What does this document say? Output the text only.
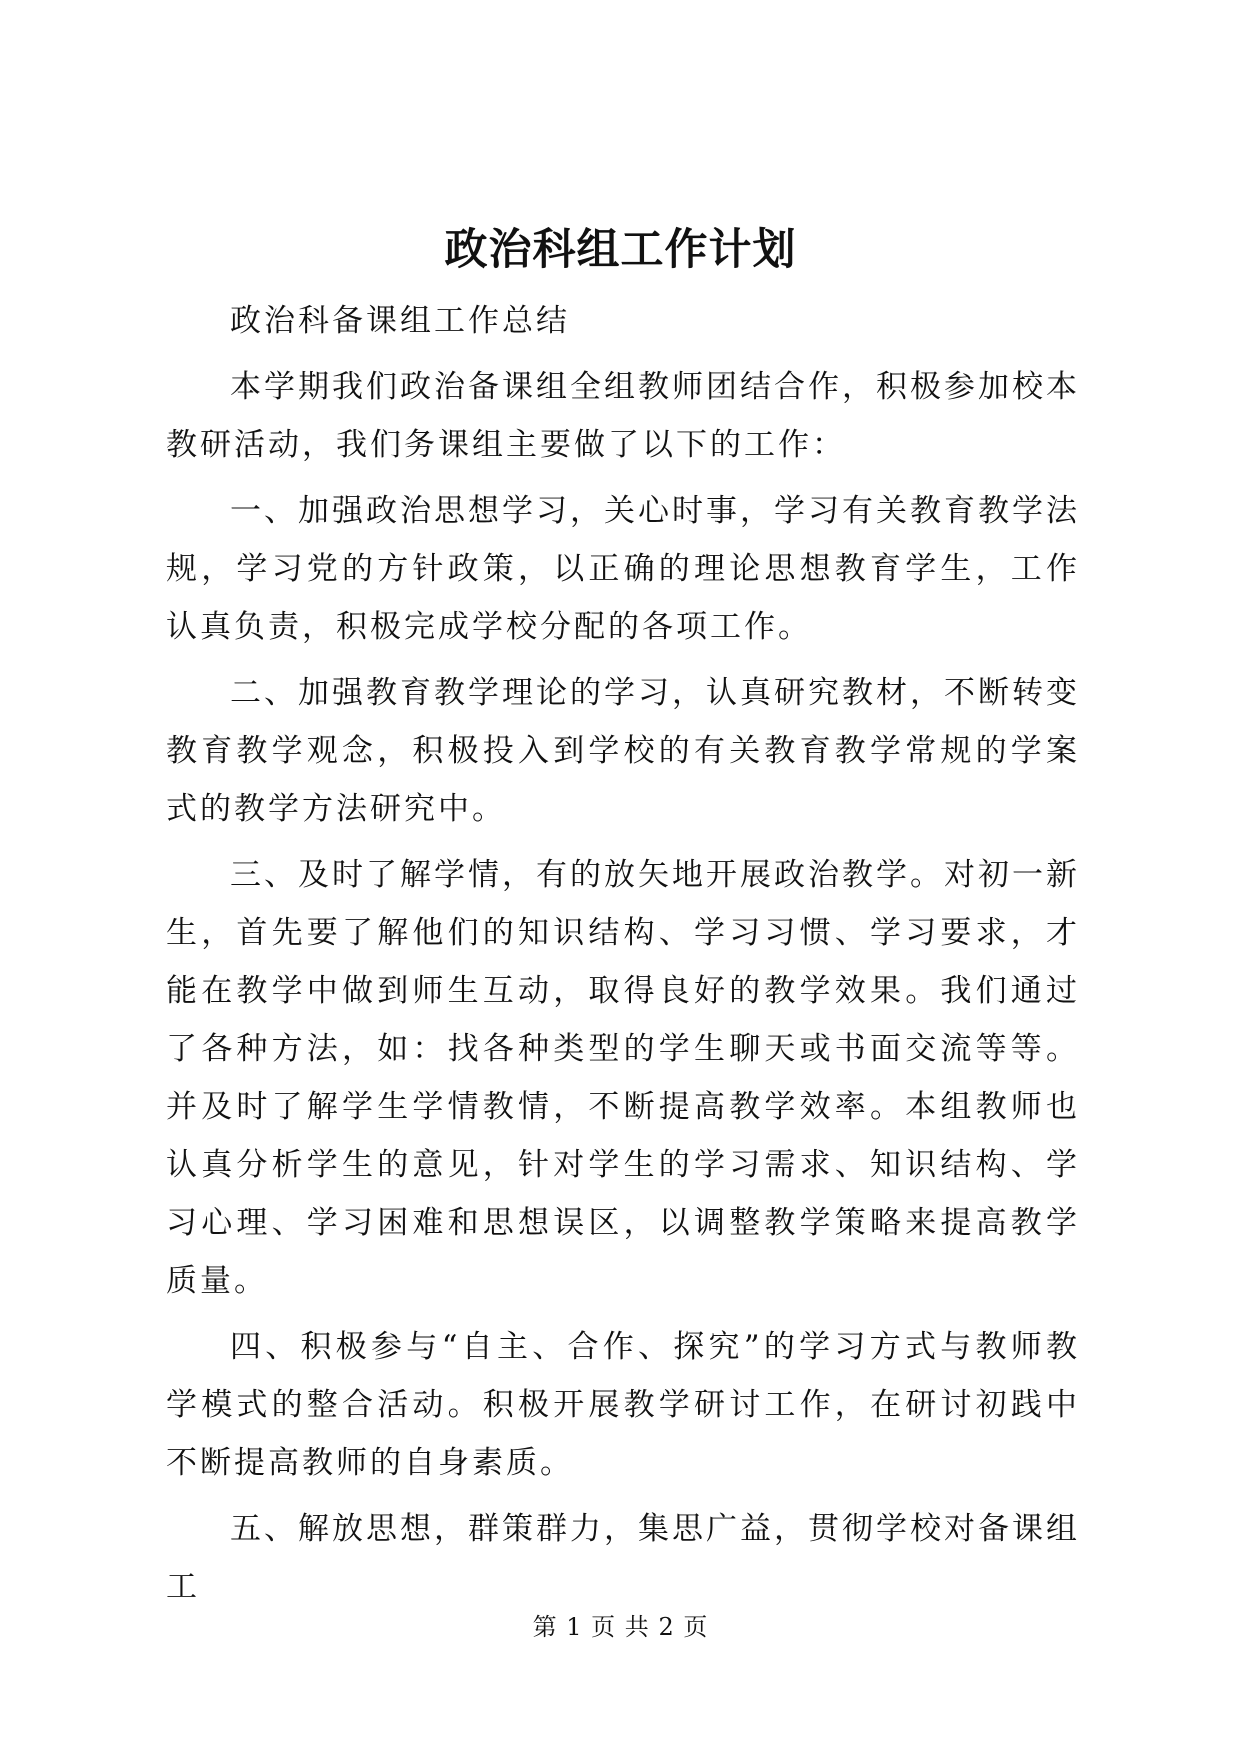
政治科组工作计划

政治科备课组工作总结

本学期我们政治备课组全组教师团结合作，积极参加校本教研活动，我们务课组主要做了以下的工作：

一、加强政治思想学习，关心时事，学习有关教育教学法规，学习党的方针政策，以正确的理论思想教育学生，工作认真负责，积极完成学校分配的各项工作。

二、加强教育教学理论的学习，认真研究教材，不断转变教育教学观念，积极投入到学校的有关教育教学常规的学案式的教学方法研究中。

三、及时了解学情，有的放矢地开展政治教学。对初一新生，首先要了解他们的知识结构、学习习惯、学习要求，才能在教学中做到师生互动，取得良好的教学效果。我们通过了各种方法，如：找各种类型的学生聊天或书面交流等等。并及时了解学生学情教情，不断提高教学效率。本组教师也认真分析学生的意见，针对学生的学习需求、知识结构、学习心理、学习困难和思想误区，以调整教学策略来提高教学质量。

四、积极参与“自主、合作、探究”的学习方式与教师教学模式的整合活动。积极开展教学研讨工作，在研讨初践中不断提高教师的自身素质。

五、解放思想，群策群力，集思广益，贯彻学校对备课组工

第 1 页 共 2 页
